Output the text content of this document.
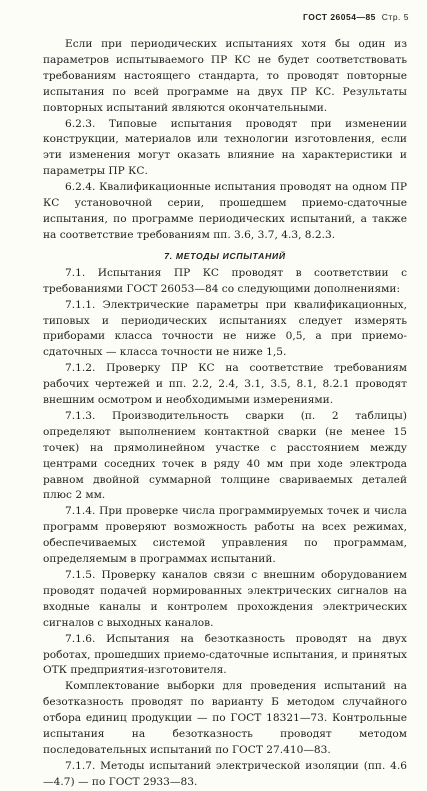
ГОСТ 26054—85 Стр. 5

Если при периодических испытаниях хотя бы один из параметров испытываемого ПР КС не будет соответствовать требованиям настоящего стандарта, то проводят повторные испытания по всей программе на двух ПР КС. Результаты повторных испытаний являются окончательными.

6.2.3. Типовые испытания проводят при изменении конструкции, материалов или технологии изготовления, если эти изменения могут оказать влияние на характеристики и параметры ПР КС.

6.2.4. Квалификационные испытания проводят на одном ПР КС установочной серии, прошедшем приемо-сдаточные испытания, по программе периодических испытаний, а также на соответствие требованиям пп. 3.6, 3.7, 4.3, 8.2.3.

7. МЕТОДЫ ИСПЫТАНИЙ

7.1. Испытания ПР КС проводят в соответствии с требованиями ГОСТ 26053—84 со следующими дополнениями:

7.1.1. Электрические параметры при квалификационных, типовых и периодических испытаниях следует измерять приборами класса точности не ниже 0,5, а при приемо-сдаточных — класса точности не ниже 1,5.

7.1.2. Проверку ПР КС на соответствие требованиям рабочих чертежей и пп. 2.2, 2.4, 3.1, 3.5, 8.1, 8.2.1 проводят внешним осмотром и необходимыми измерениями.

7.1.3. Производительность сварки (п. 2 таблицы) определяют выполнением контактной сварки (не менее 15 точек) на прямолинейном участке с расстоянием между центрами соседних точек в ряду 40 мм при ходе электрода равном двойной суммарной толщине свариваемых деталей плюс 2 мм.

7.1.4. При проверке числа программируемых точек и числа программ проверяют возможность работы на всех режимах, обеспечиваемых системой управления по программам, определяемым в программах испытаний.

7.1.5. Проверку каналов связи с внешним оборудованием проводят подачей нормированных электрических сигналов на входные каналы и контролем прохождения электрических сигналов с выходных каналов.

7.1.6. Испытания на безотказность проводят на двух роботах, прошедших приемо-сдаточные испытания, и принятых ОТК предприятия-изготовителя.

Комплектование выборки для проведения испытаний на безотказность проводят по варианту Б методом случайного отбора единиц продукции — по ГОСТ 18321—73. Контрольные испытания на безотказность проводят методом последовательных испытаний по ГОСТ 27.410—83.

7.1.7. Методы испытаний электрической изоляции (пп. 4.6—4.7) — по ГОСТ 2933—83.
